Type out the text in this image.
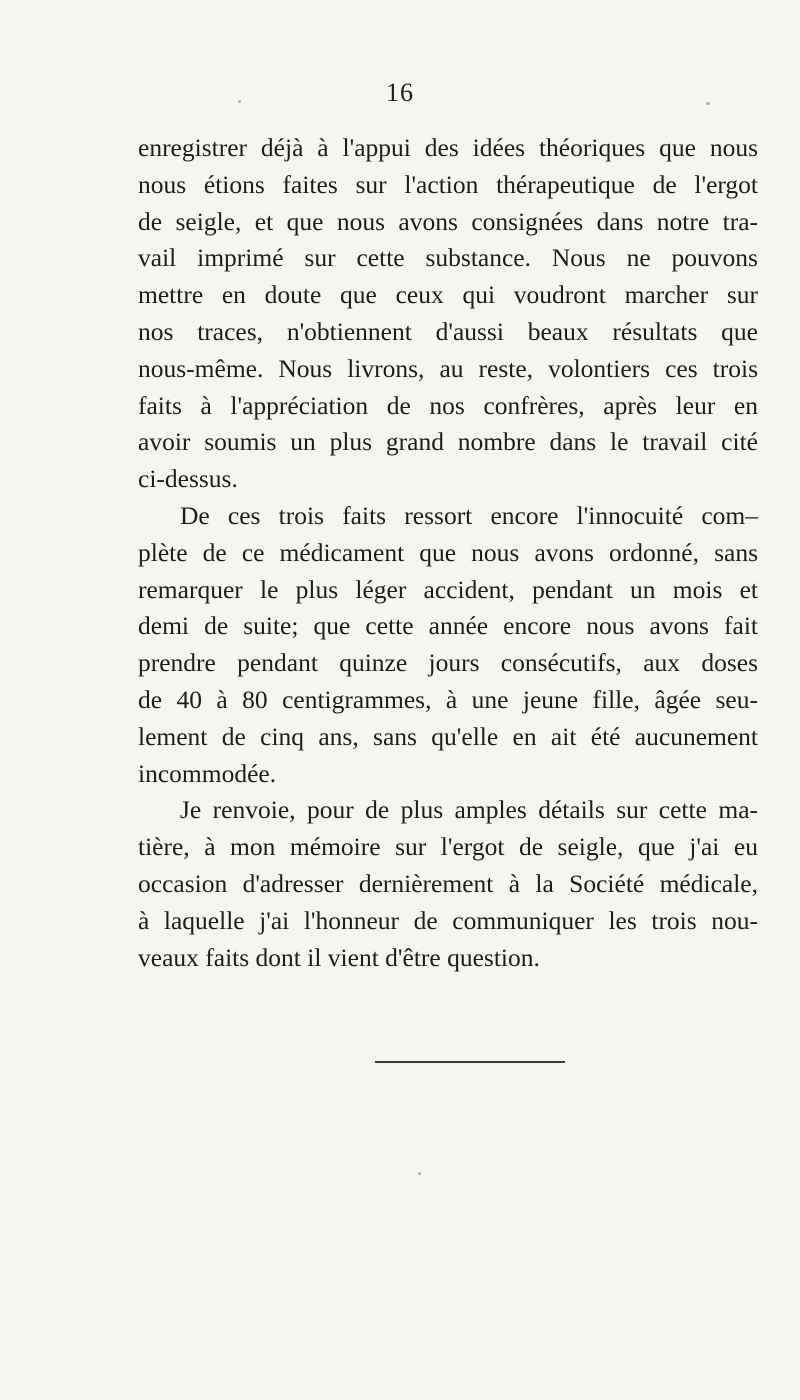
16
enregistrer déjà à l'appui des idées théoriques que nous
nous étions faites sur l'action thérapeutique de l'ergot
de seigle, et que nous avons consignées dans notre tra-
vail imprimé sur cette substance. Nous ne pouvons
mettre en doute que ceux qui voudront marcher sur
nos traces, n'obtiennent d'aussi beaux résultats que
nous-même. Nous livrons, au reste, volontiers ces trois
faits à l'appréciation de nos confrères, après leur en
avoir soumis un plus grand nombre dans le travail cité
ci-dessus.
De ces trois faits ressort encore l'innocuité com–
plète de ce médicament que nous avons ordonné, sans
remarquer le plus léger accident, pendant un mois et
demi de suite; que cette année encore nous avons fait
prendre pendant quinze jours consécutifs, aux doses
de 40 à 80 centigrammes, à une jeune fille, âgée seu-
lement de cinq ans, sans qu'elle en ait été aucunement
incommodée.
Je renvoie, pour de plus amples détails sur cette ma-
tière, à mon mémoire sur l'ergot de seigle, que j'ai eu
occasion d'adresser dernièrement à la Société médicale,
à laquelle j'ai l'honneur de communiquer les trois nou-
veaux faits dont il vient d'être question.
